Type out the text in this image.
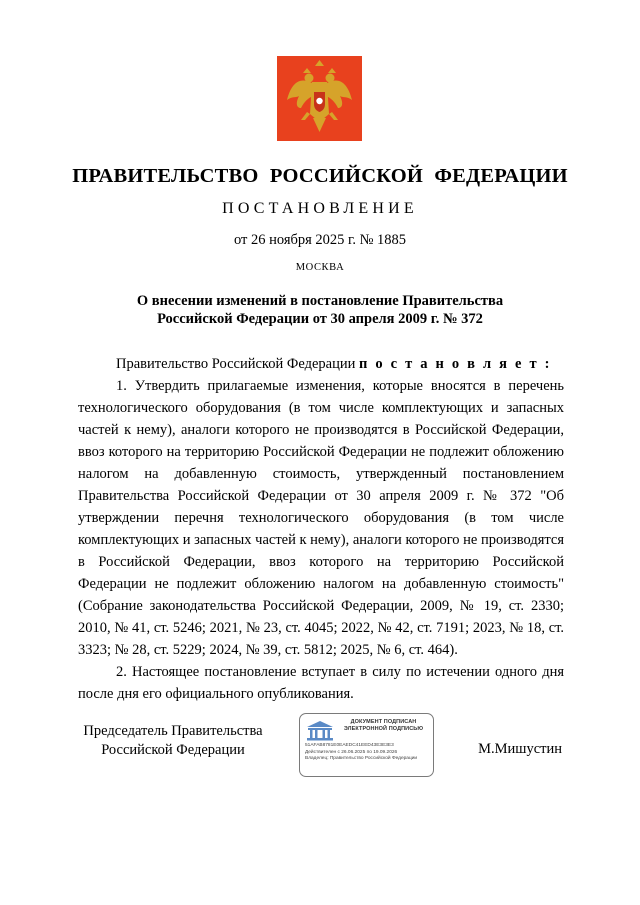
ПРАВИТЕЛЬСТВО РОССИЙСКОЙ ФЕДЕРАЦИИ
ПОСТАНОВЛЕНИЕ
от 26 ноября 2025 г. № 1885
МОСКВА
О внесении изменений в постановление Правительства
Российской Федерации от 30 апреля 2009 г. № 372

Правительство Российской Федерации п о с т а н о в л я е т :

1. Утвердить прилагаемые изменения, которые вносятся в перечень технологического оборудования (в том числе комплектующих и запасных частей к нему), аналоги которого не производятся в Российской Федерации, ввоз которого на территорию Российской Федерации не подлежит обложению налогом на добавленную стоимость, утвержденный постановлением Правительства Российской Федерации от 30 апреля 2009 г. № 372 "Об утверждении перечня технологического оборудования (в том числе комплектующих и запасных частей к нему), аналоги которого не производятся в Российской Федерации, ввоз которого на территорию Российской Федерации не подлежит обложению налогом на добавленную стоимость" (Собрание законодательства Российской Федерации, 2009, № 19, ст. 2330; 2010, № 41, ст. 5246; 2021, № 23, ст. 4045; 2022, № 42, ст. 7191; 2023, № 18, ст. 3323; № 28, ст. 5229; 2024, № 39, ст. 5812; 2025, № 6, ст. 464).

2. Настоящее постановление вступает в силу по истечении одного дня после дня его официального опубликования.

Председатель Правительства
Российской Федерации
ДОКУМЕНТ ПОДПИСАН
ЭЛЕКТРОННОЙ ПОДПИСЬЮ
51AFAB8781E0EAEDC41EED43E3E3E3
Действителен с 26.06.2025 по 19.09.2026
Владелец: Правительство Российской Федерации
М.Мишустин
